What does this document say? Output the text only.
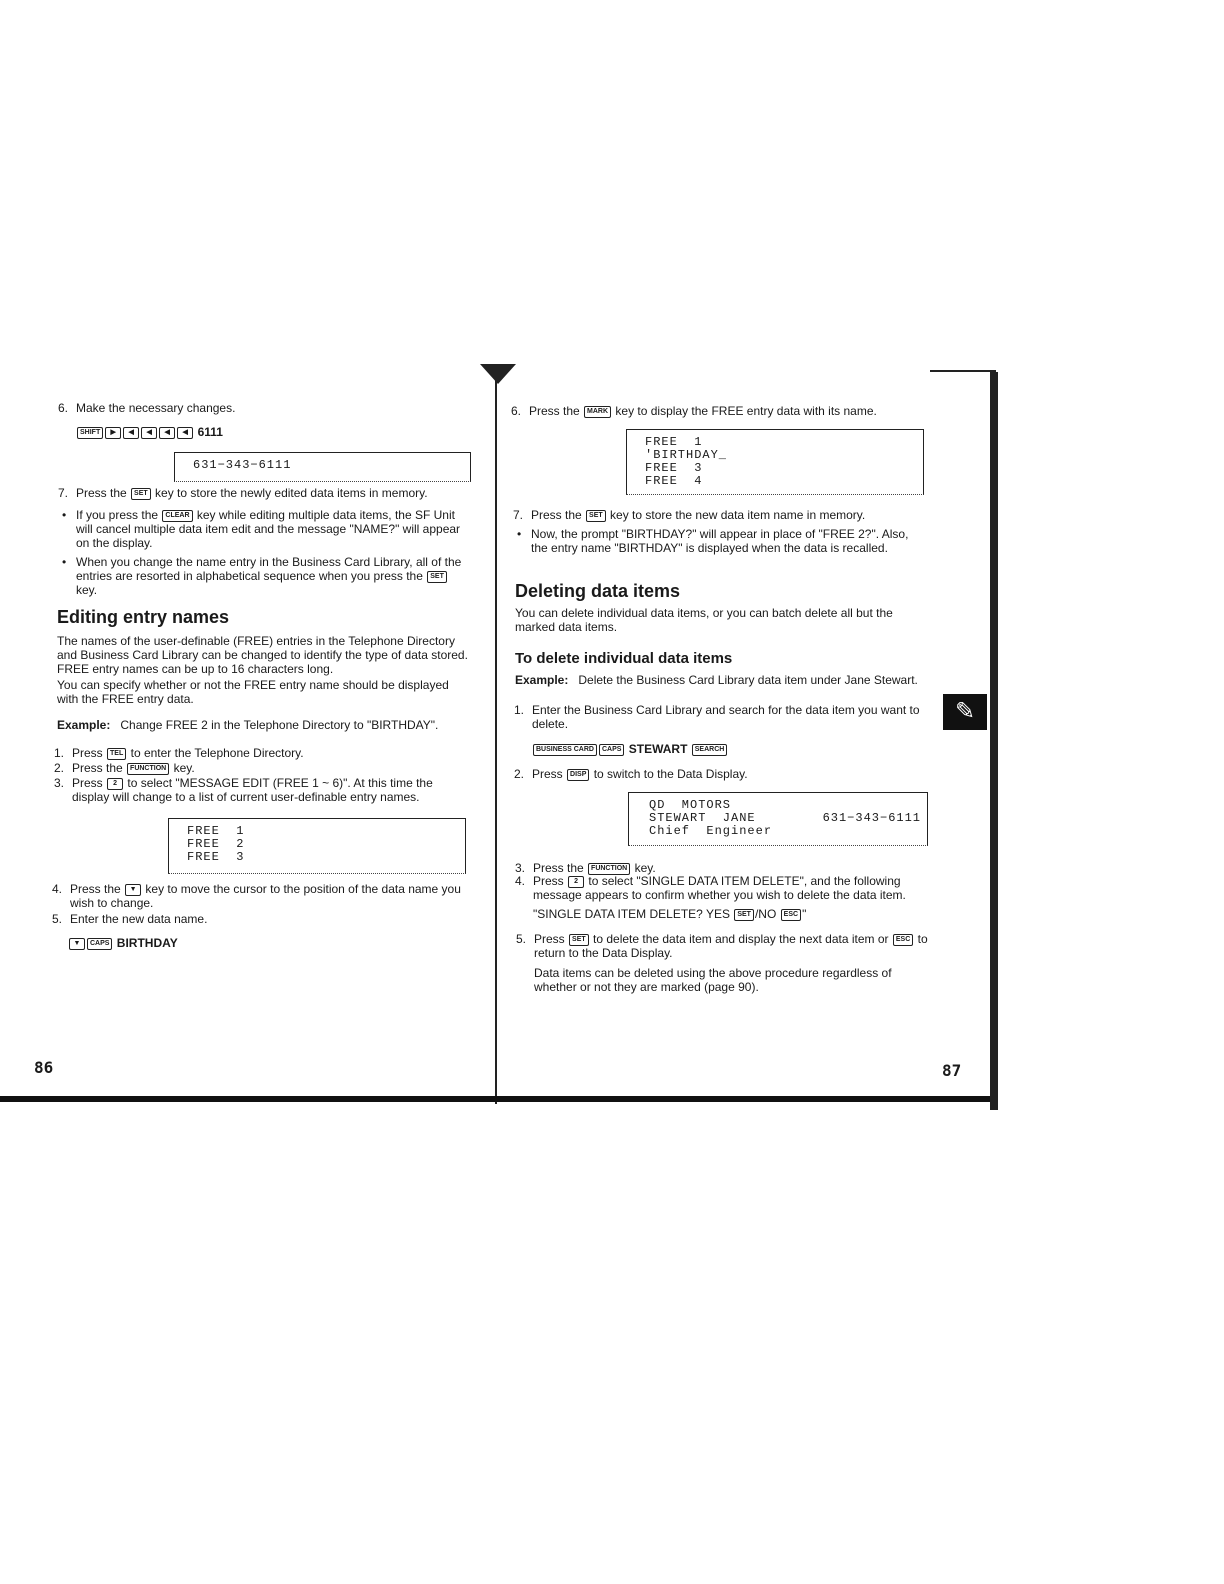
✎

6. Make the necessary changes.

SHIFT ▶ ◀ ◀ ◀ ◀ 6111
631−343−6111

7. Press the SET key to store the newly edited data items in memory.

• If you press the CLEAR key while editing multiple data items, the SF Unit will cancel multiple data item edit and the message "NAME?" will appear on the display.

• When you change the name entry in the Business Card Library, all of the entries are resorted in alphabetical sequence when you press the SET key.

Editing entry names

The names of the user-definable (FREE) entries in the Telephone Directory and Business Card Library can be changed to identify the type of data stored. FREE entry names can be up to 16 characters long.

You can specify whether or not the FREE entry name should be displayed with the FREE entry data.

Example: Change FREE 2 in the Telephone Directory to "BIRTHDAY".

1. Press TEL to enter the Telephone Directory.

2. Press the FUNCTION key.

3. Press 2 to select "MESSAGE EDIT (FREE 1 ~ 6)". At this time the display will change to a list of current user-definable entry names.

FREE  1
FREE  2
FREE  3

4. Press the ▼ key to move the cursor to the position of the data name you wish to change.

5. Enter the new data name.

▼ CAPS BIRTHDAY
86

6. Press the MARK key to display the FREE entry data with its name.

FREE  1
'BIRTHDAY_
FREE  3
FREE  4

7. Press the SET key to store the new data item name in memory.

• Now, the prompt "BIRTHDAY?" will appear in place of "FREE 2?". Also, the entry name "BIRTHDAY" is displayed when the data is recalled.

Deleting data items

You can delete individual data items, or you can batch delete all but the marked data items.

To delete individual data items

Example: Delete the Business Card Library data item under Jane Stewart.

1. Enter the Business Card Library and search for the data item you want to delete.

BUSINESS CARD CAPS STEWART SEARCH

2. Press DISP to switch to the Data Display.

QD  MOTORS
STEWART  JANE	631−343−6111
Chief  Engineer

3. Press the FUNCTION key.

4. Press 2 to select "SINGLE DATA ITEM DELETE", and the following message appears to confirm whether you wish to delete the data item.

"SINGLE DATA ITEM DELETE? YES SET /NO ESC "

5. Press SET to delete the data item and display the next data item or ESC to return to the Data Display.

Data items can be deleted using the above procedure regardless of whether or not they are marked (page 90).

87
